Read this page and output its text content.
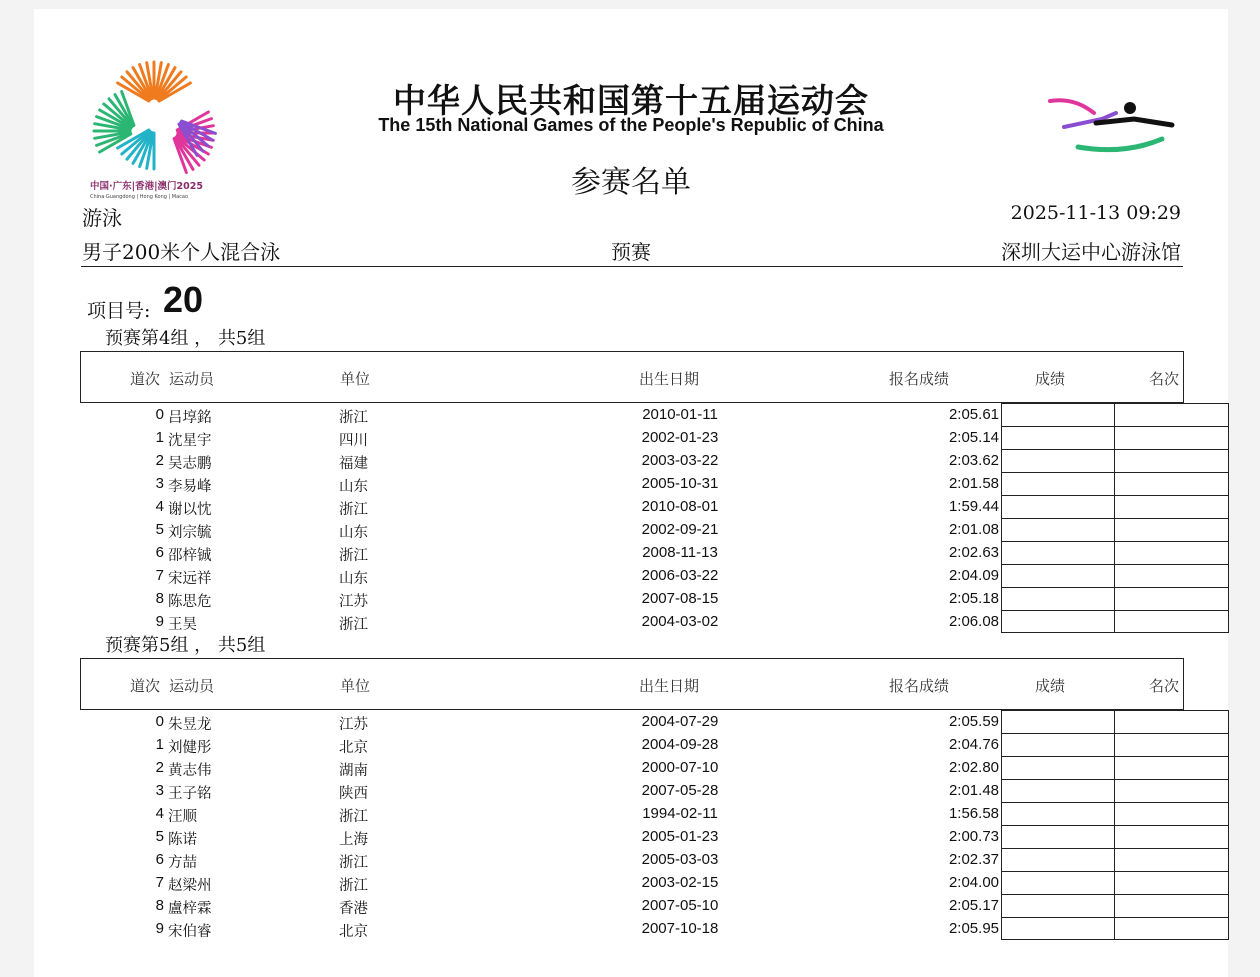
中国·广东|香港|澳门2025
China·Guangdong | Hong Kong | Macao
中华人民共和国第十五届运动会
The 15th National Games of the People's Republic of China
参赛名单
游泳	2025-11-13 09:29
男子200米个人混合泳	预赛	深圳大运中心游泳馆
项目号: 20
预赛第4组 ， 共5组
道次 运动员	单位	出生日期	报名成绩	成绩	名次
0 吕埻銘	浙江	2010-01-11	2:05.61
1 沈星宇	四川	2002-01-23	2:05.14
2 吴志鹏	福建	2003-03-22	2:03.62
3 李易峰	山东	2005-10-31	2:01.58
4 谢以忱	浙江	2010-08-01	1:59.44
5 刘宗毓	山东	2002-09-21	2:01.08
6 邵梓铖	浙江	2008-11-13	2:02.63
7 宋远祥	山东	2006-03-22	2:04.09
8 陈思危	江苏	2007-08-15	2:05.18
9 王昊	浙江	2004-03-02	2:06.08
预赛第5组 ， 共5组
道次 运动员	单位	出生日期	报名成绩	成绩	名次
0 朱昱龙	江苏	2004-07-29	2:05.59
1 刘健彤	北京	2004-09-28	2:04.76
2 黄志伟	湖南	2000-07-10	2:02.80
3 王子铭	陕西	2007-05-28	2:01.48
4 汪顺	浙江	1994-02-11	1:56.58
5 陈诺	上海	2005-01-23	2:00.73
6 方喆	浙江	2005-03-03	2:02.37
7 赵梁州	浙江	2003-02-15	2:04.00
8 盧梓霖	香港	2007-05-10	2:05.17
9 宋伯睿	北京	2007-10-18	2:05.95
